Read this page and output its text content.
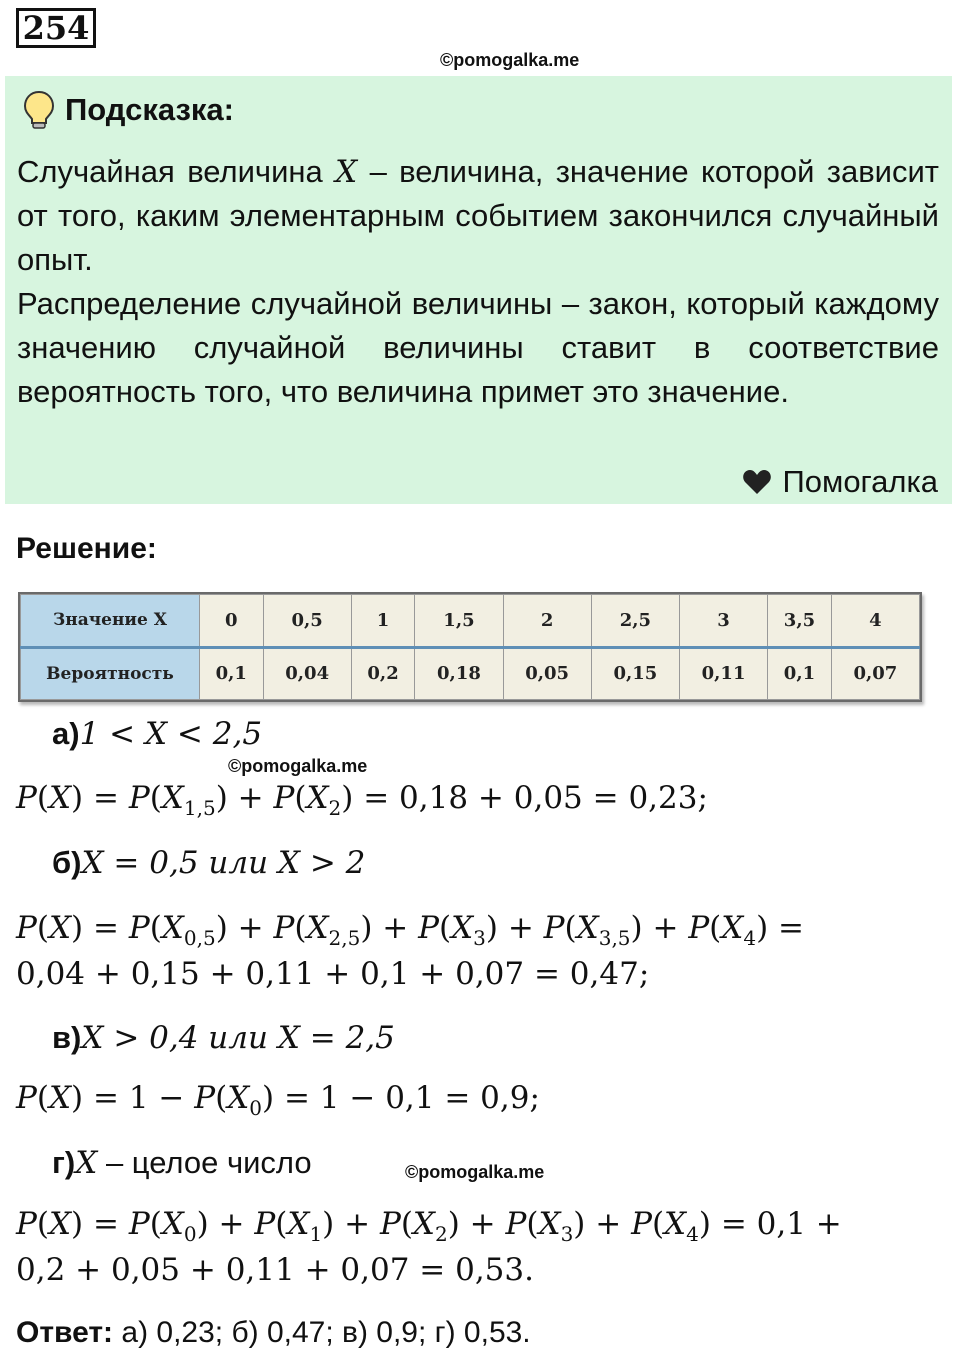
254
©pomogalka.me
Подсказка:

Случайная величина X – величина, значение которой зависит от того, каким элементарным событием закончился случайный опыт.

Распределение случайной величины – закон, который каждому значению случайной величины ставит в соответствие вероятность того, что величина примет это значение.

Помогалка
Решение:
Значение X	0	0,5	1	1,5	2	2,5	3	3,5	4
Вероятность	0,1	0,04	0,2	0,18	0,05	0,15	0,11	0,1	0,07
а)1 < X < 2,5
©pomogalka.me
$P(X) = P(X_{1,5}) + P(X_2) = 0,18 + 0,05 = 0,23$;
б)X = 0,5 или X > 2
$P(X) = P(X_{0,5}) + P(X_{2,5}) + P(X_3) + P(X_{3,5}) + P(X_4)$ =
0,04 + 0,15 + 0,11 + 0,1 + 0,07 = 0,47;
в)X > 0,4 или X = 2,5
$P(X) = 1 - P(X_0) = 1 - 0,1 = 0,9$;
г)X – целое число	©pomogalka.me
$P(X) = P(X_0) + P(X_1) + P(X_2) + P(X_3) + P(X_4) = 0,1$ +
0,2 + 0,05 + 0,11 + 0,07 = 0,53.
Ответ: а) 0,23; б) 0,47; в) 0,9; г) 0,53.
